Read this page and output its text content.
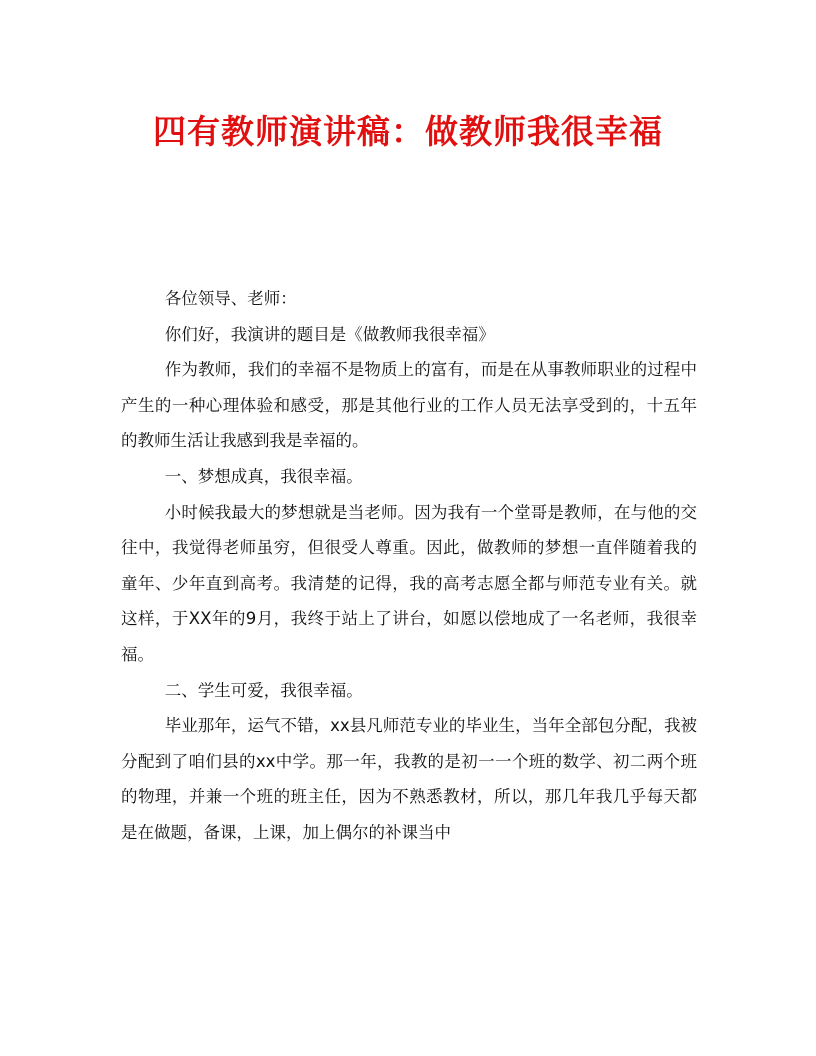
四有教师演讲稿：做教师我很幸福

各位领导、老师：

你们好，我演讲的题目是《做教师我很幸福》

作为教师，我们的幸福不是物质上的富有，而是在从事教师职业的过程中产生的一种心理体验和感受，那是其他行业的工作人员无法享受到的，十五年的教师生活让我感到我是幸福的。

一、梦想成真，我很幸福。

小时候我最大的梦想就是当老师。因为我有一个堂哥是教师，在与他的交往中，我觉得老师虽穷，但很受人尊重。因此，做教师的梦想一直伴随着我的童年、少年直到高考。我清楚的记得，我的高考志愿全都与师范专业有关。就这样，于XX年的9月，我终于站上了讲台，如愿以偿地成了一名老师，我很幸福。

二、学生可爱，我很幸福。

毕业那年，运气不错，xx县凡师范专业的毕业生，当年全部包分配，我被分配到了咱们县的xx中学。那一年，我教的是初一一个班的数学、初二两个班的物理，并兼一个班的班主任，因为不熟悉教材，所以，那几年我几乎每天都是在做题，备课，上课，加上偶尔的补课当中
